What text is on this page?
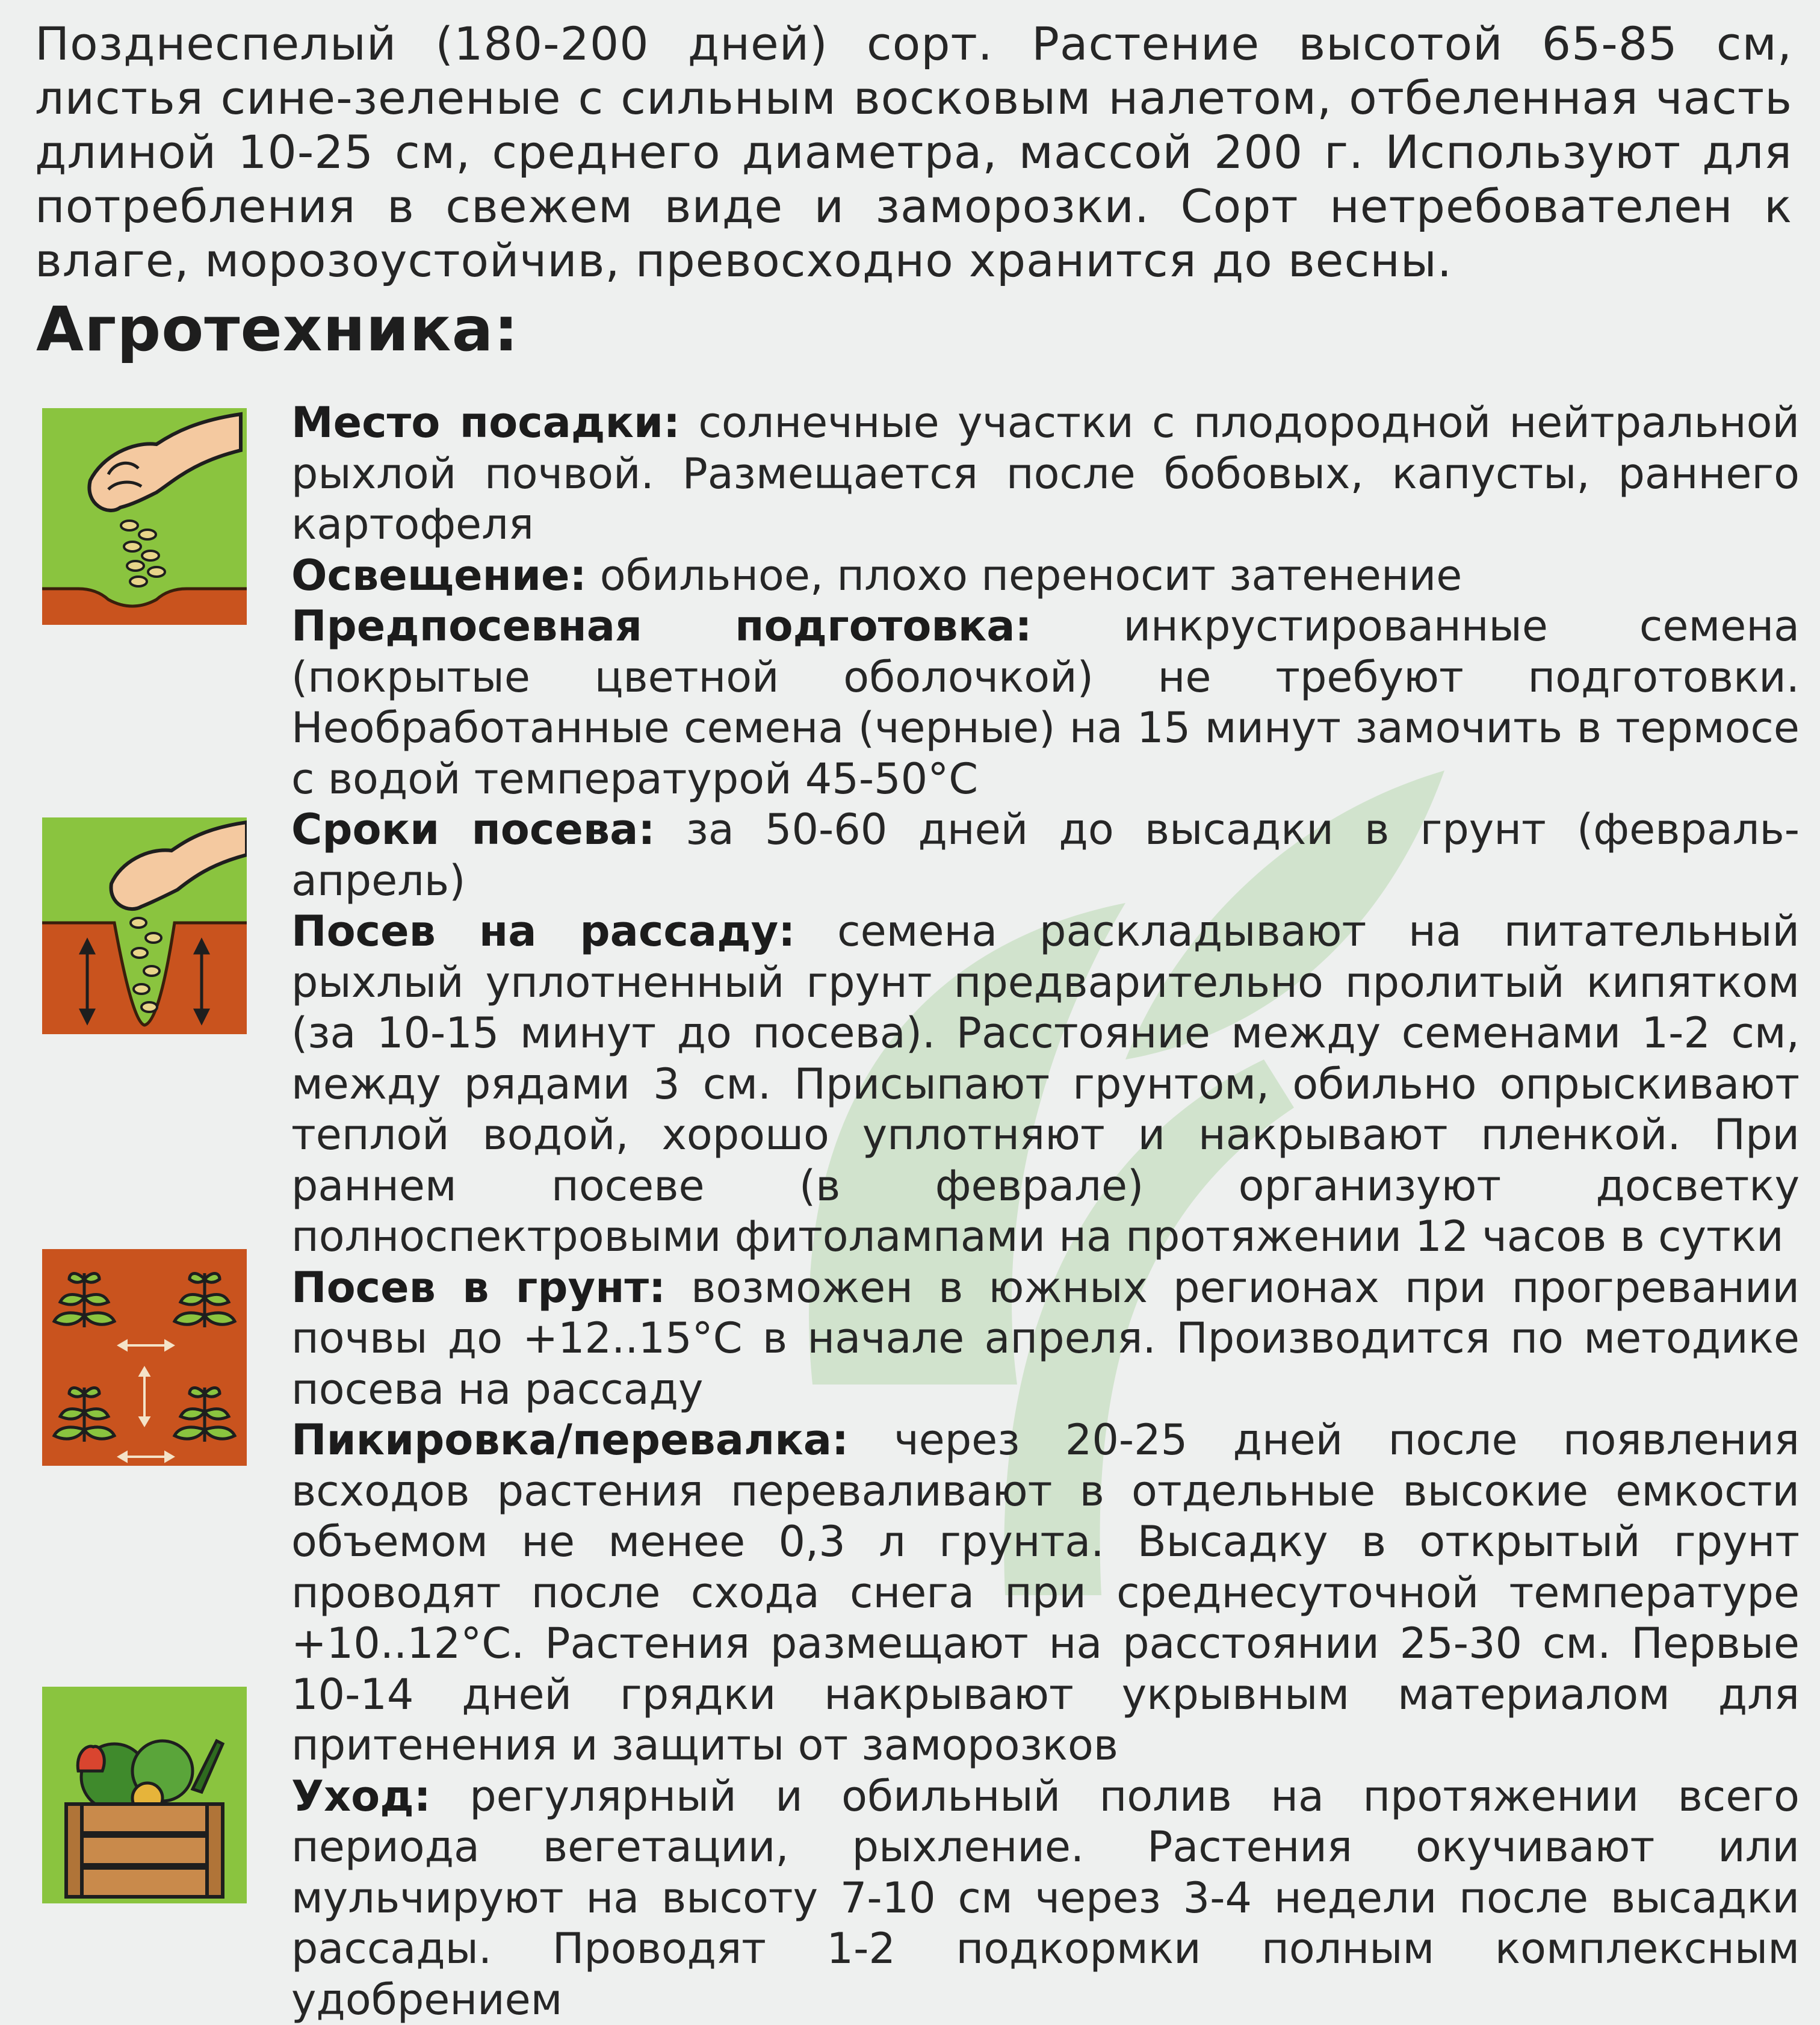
Позднеспелый (180-200 дней) сорт. Растение высотой 65-85 см, листья сине-зеленые с сильным восковым налетом, отбеленная часть длиной 10-25 см, среднего диаметра, массой 200 г. Используют для потребления в свежем виде и заморозки. Сорт нетребователен к влаге, морозоустойчив, превосходно хранится до весны.

Агротехника:

Место посадки: солнечные участки с плодородной нейтральной рыхлой почвой. Размещается после бобовых, капусты, раннего картофеля

Освещение: обильное, плохо переносит затенение

Предпосевная подготовка: инкрустированные семена (покрытые цветной оболочкой) не требуют подготовки. Необработанные семена (черные) на 15 минут замочить в термосе с водой температурой 45-50°С

Сроки посева: за 50-60 дней до высадки в грунт (февраль-апрель)

Посев на рассаду: семена раскладывают на питательный рыхлый уплотненный грунт предварительно пролитый кипятком (за 10-15 минут до посева). Расстояние между семенами 1-2 см, между рядами 3 см. Присыпают грунтом, обильно опрыскивают теплой водой, хорошо уплотняют и накрывают пленкой. При раннем посеве (в феврале) организуют досветку полноспектровыми фитолампами на протяжении 12 часов в сутки

Посев в грунт: возможен в южных регионах при прогревании почвы до +12..15°С в начале апреля. Производится по методике посева на рассаду

Пикировка/перевалка: через 20-25 дней после появления всходов растения переваливают в отдельные высокие емкости объемом не менее 0,3 л грунта. Высадку в открытый грунт проводят после схода снега при среднесуточной температуре +10..12°С. Растения размещают на расстоянии 25-30 см. Первые 10-14 дней грядки накрывают укрывным материалом для притенения и защиты от заморозков

Уход: регулярный и обильный полив на протяжении всего периода вегетации, рыхление. Растения окучивают или мульчируют на высоту 7-10 см через 3-4 недели после высадки рассады. Проводят 1-2 подкормки полным комплексным удобрением
